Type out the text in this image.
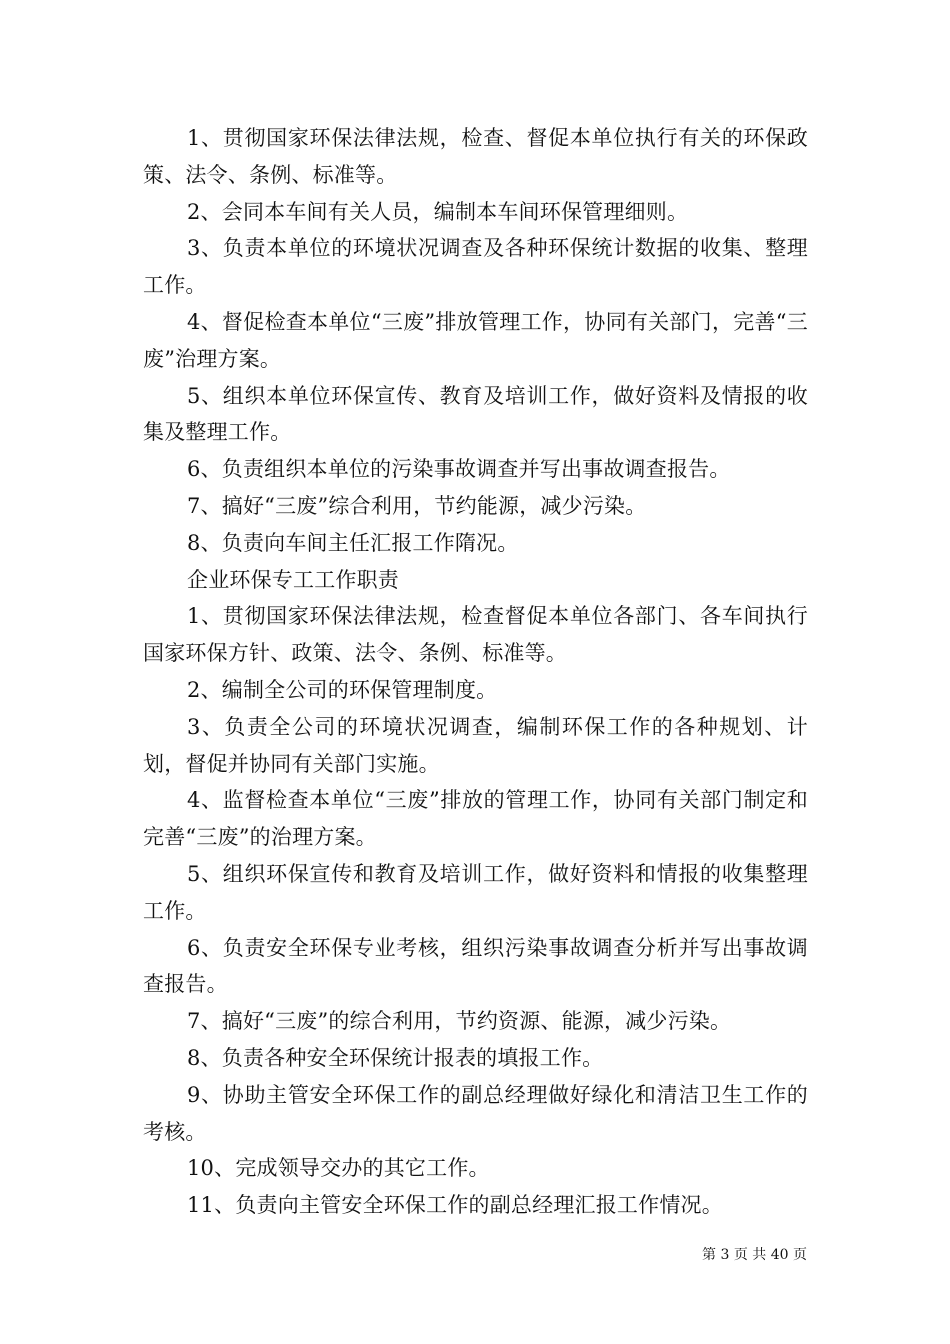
1、贯彻国家环保法律法规，检查、督促本单位执行有关的环保政策、法令、条例、标准等。

2、会同本车间有关人员，编制本车间环保管理细则。

3、负责本单位的环境状况调查及各种环保统计数据的收集、整理工作。

4、督促检查本单位“三废”排放管理工作，协同有关部门，完善“三废”治理方案。

5、组织本单位环保宣传、教育及培训工作，做好资料及情报的收集及整理工作。

6、负责组织本单位的污染事故调查并写出事故调查报告。

7、搞好“三废”综合利用，节约能源，减少污染。

8、负责向车间主任汇报工作隋况。

企业环保专工工作职责

1、贯彻国家环保法律法规，检查督促本单位各部门、各车间执行国家环保方针、政策、法令、条例、标准等。

2、编制全公司的环保管理制度。

3、负责全公司的环境状况调查，编制环保工作的各种规划、计划，督促并协同有关部门实施。

4、监督检查本单位“三废”排放的管理工作，协同有关部门制定和完善“三废”的治理方案。

5、组织环保宣传和教育及培训工作，做好资料和情报的收集整理工作。

6、负责安全环保专业考核，组织污染事故调查分析并写出事故调查报告。

7、搞好“三废”的综合利用，节约资源、能源，减少污染。

8、负责各种安全环保统计报表的填报工作。

9、协助主管安全环保工作的副总经理做好绿化和清洁卫生工作的考核。

10、完成领导交办的其它工作。

11、负责向主管安全环保工作的副总经理汇报工作情况。

第 3 页 共 40 页
